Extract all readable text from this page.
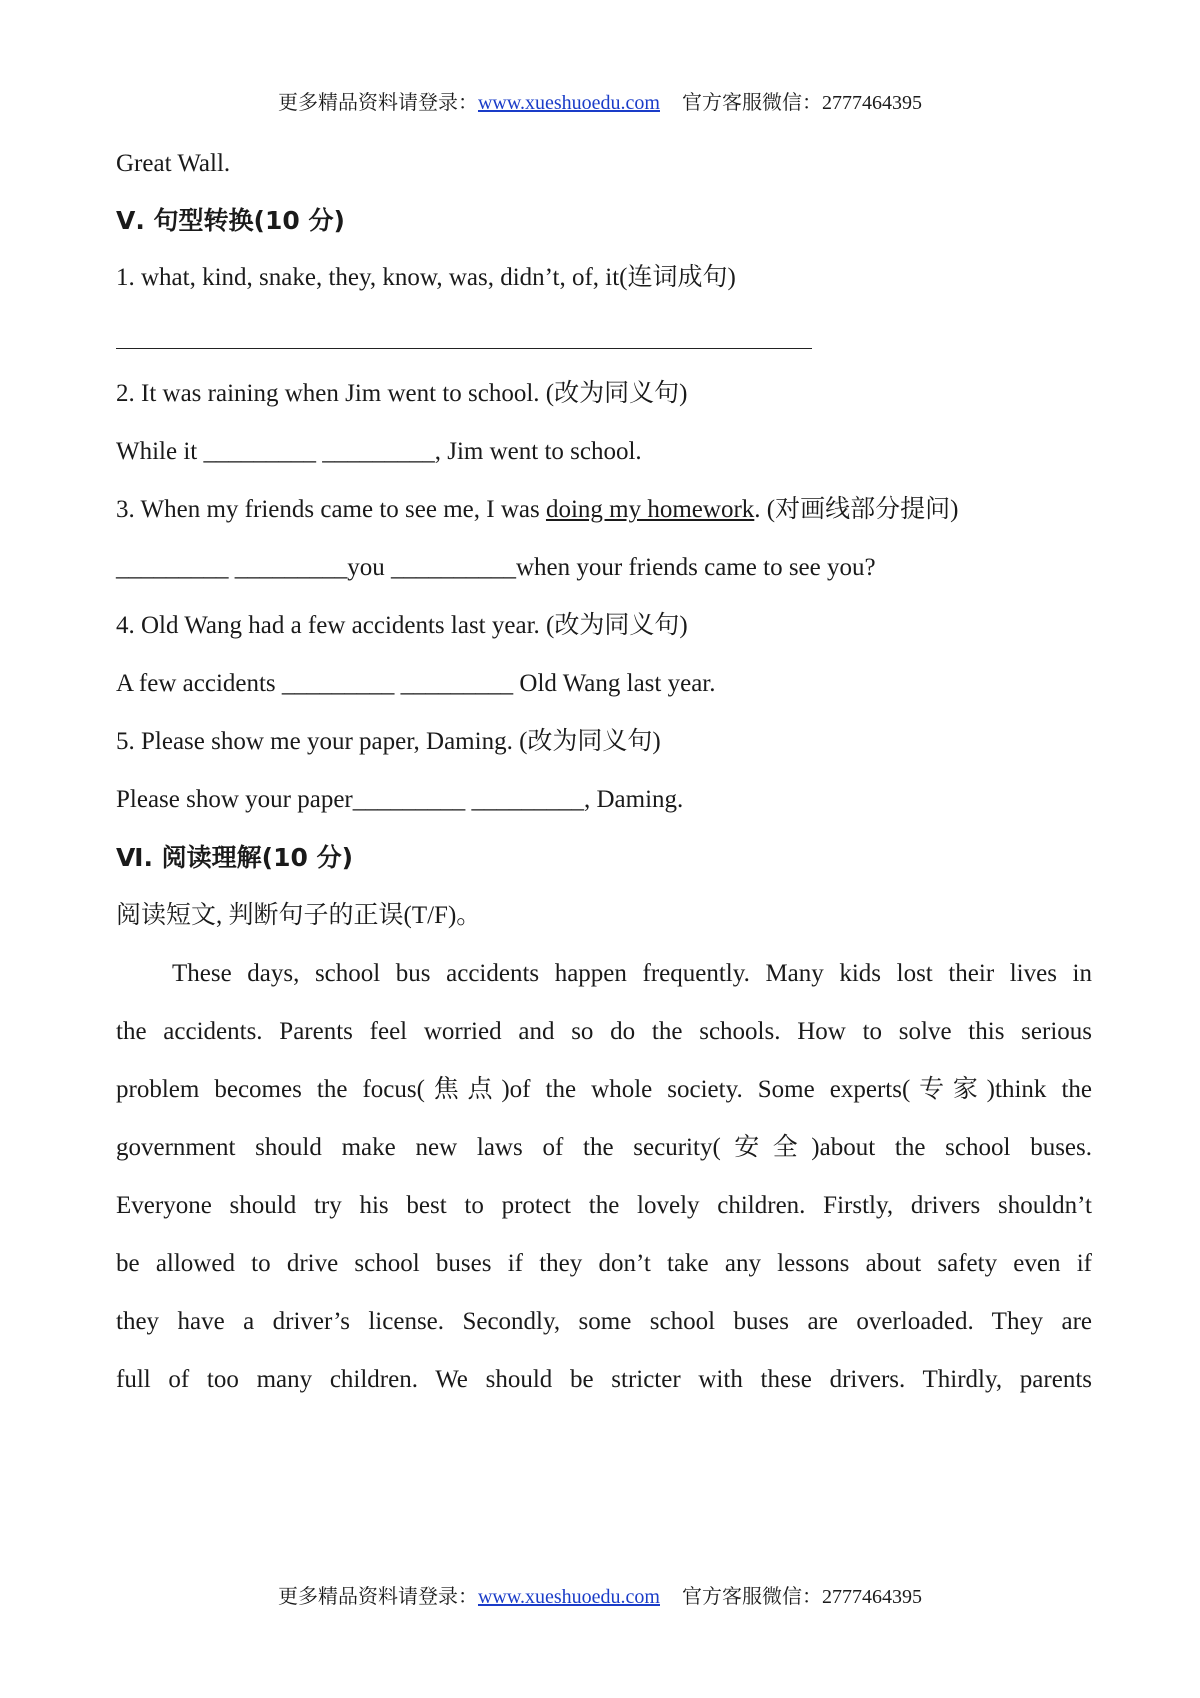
更多精品资料请登录：www.xueshuoedu.com 官方客服微信：2777464395
Great Wall.
Ⅴ. 句型转换(10 分)
1. what, kind, snake, they, know, was, didn’t, of, it(连词成句)
2. It was raining when Jim went to school. (改为同义句)
While it _________ _________, Jim went to school.
3. When my friends came to see me, I was doing my homework. (对画线部分提问)
_________ _________you __________when your friends came to see you?
4. Old Wang had a few accidents last year. (改为同义句)
A few accidents _________ _________ Old Wang last year.
5. Please show me your paper, Daming. (改为同义句)
Please show your paper_________ _________, Daming.
Ⅵ. 阅读理解(10 分)
阅读短文, 判断句子的正误(T/F)。
These days, school bus accidents happen frequently. Many kids lost their lives in
the accidents. Parents feel worried and so do the schools. How to solve this serious
problem becomes the focus(焦点)of the whole society. Some experts(专家)think the
government should make new laws of the security(安全)about the school buses.
Everyone should try his best to protect the lovely children. Firstly, drivers shouldn’t
be allowed to drive school buses if they don’t take any lessons about safety even if
they have a driver’s license. Secondly, some school buses are overloaded. They are
full of too many children. We should be stricter with these drivers. Thirdly, parents
更多精品资料请登录：www.xueshuoedu.com 官方客服微信：2777464395
